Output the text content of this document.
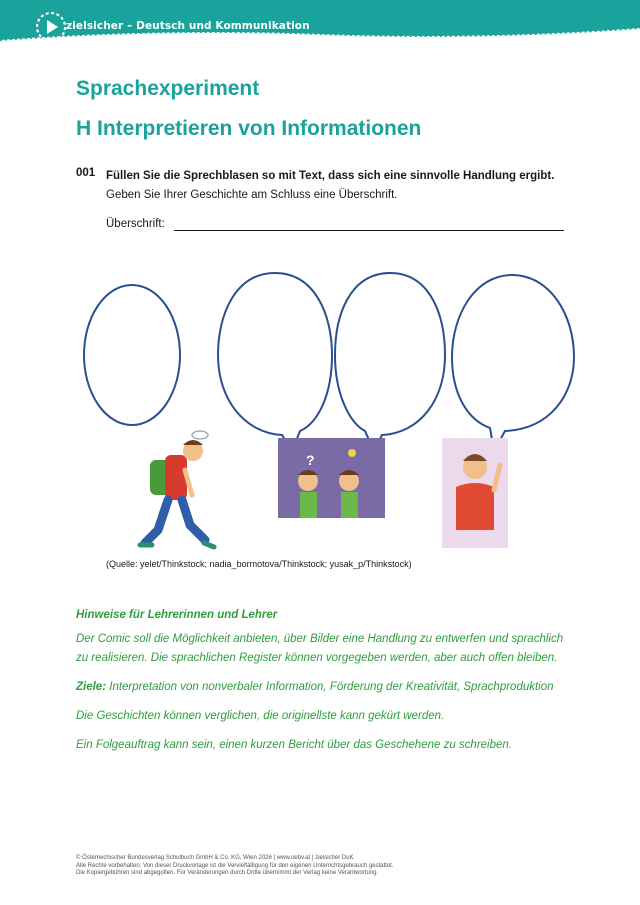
zielsicher – Deutsch und Kommunikation
Sprachexperiment
H Interpretieren von Informationen
001 Füllen Sie die Sprechblasen so mit Text, dass sich eine sinnvolle Handlung ergibt.
Geben Sie Ihrer Geschichte am Schluss eine Überschrift.
Überschrift:
?
(Quelle: yelet/Thinkstock; nadia_bormotova/Thinkstock; yusak_p/Thinkstock)

Hinweise für Lehrerinnen und Lehrer

Der Comic soll die Möglichkeit anbieten, über Bilder eine Handlung zu entwerfen und sprachlich zu realisieren. Die sprachlichen Register können vorgegeben werden, aber auch offen bleiben.

Ziele: Interpretation von nonverbaler Information, Förderung der Kreativität, Sprachproduktion

Die Geschichten können verglichen, die originellste kann gekürt werden.

Ein Folgeauftrag kann sein, einen kurzen Bericht über das Geschehene zu schreiben.

© Österreichischer Bundesverlag Schulbuch GmbH & Co. KG, Wien 2026 | www.oebv.at | zielsicher DuK
Alle Rechte vorbehalten. Von dieser Druckvorlage ist die Vervielfältigung für den eigenen Unterrichtsgebrauch gestattet.
Die Kopiergebühren sind abgegolten. Für Veränderungen durch Dritte übernimmt der Verlag keine Verantwortung.
